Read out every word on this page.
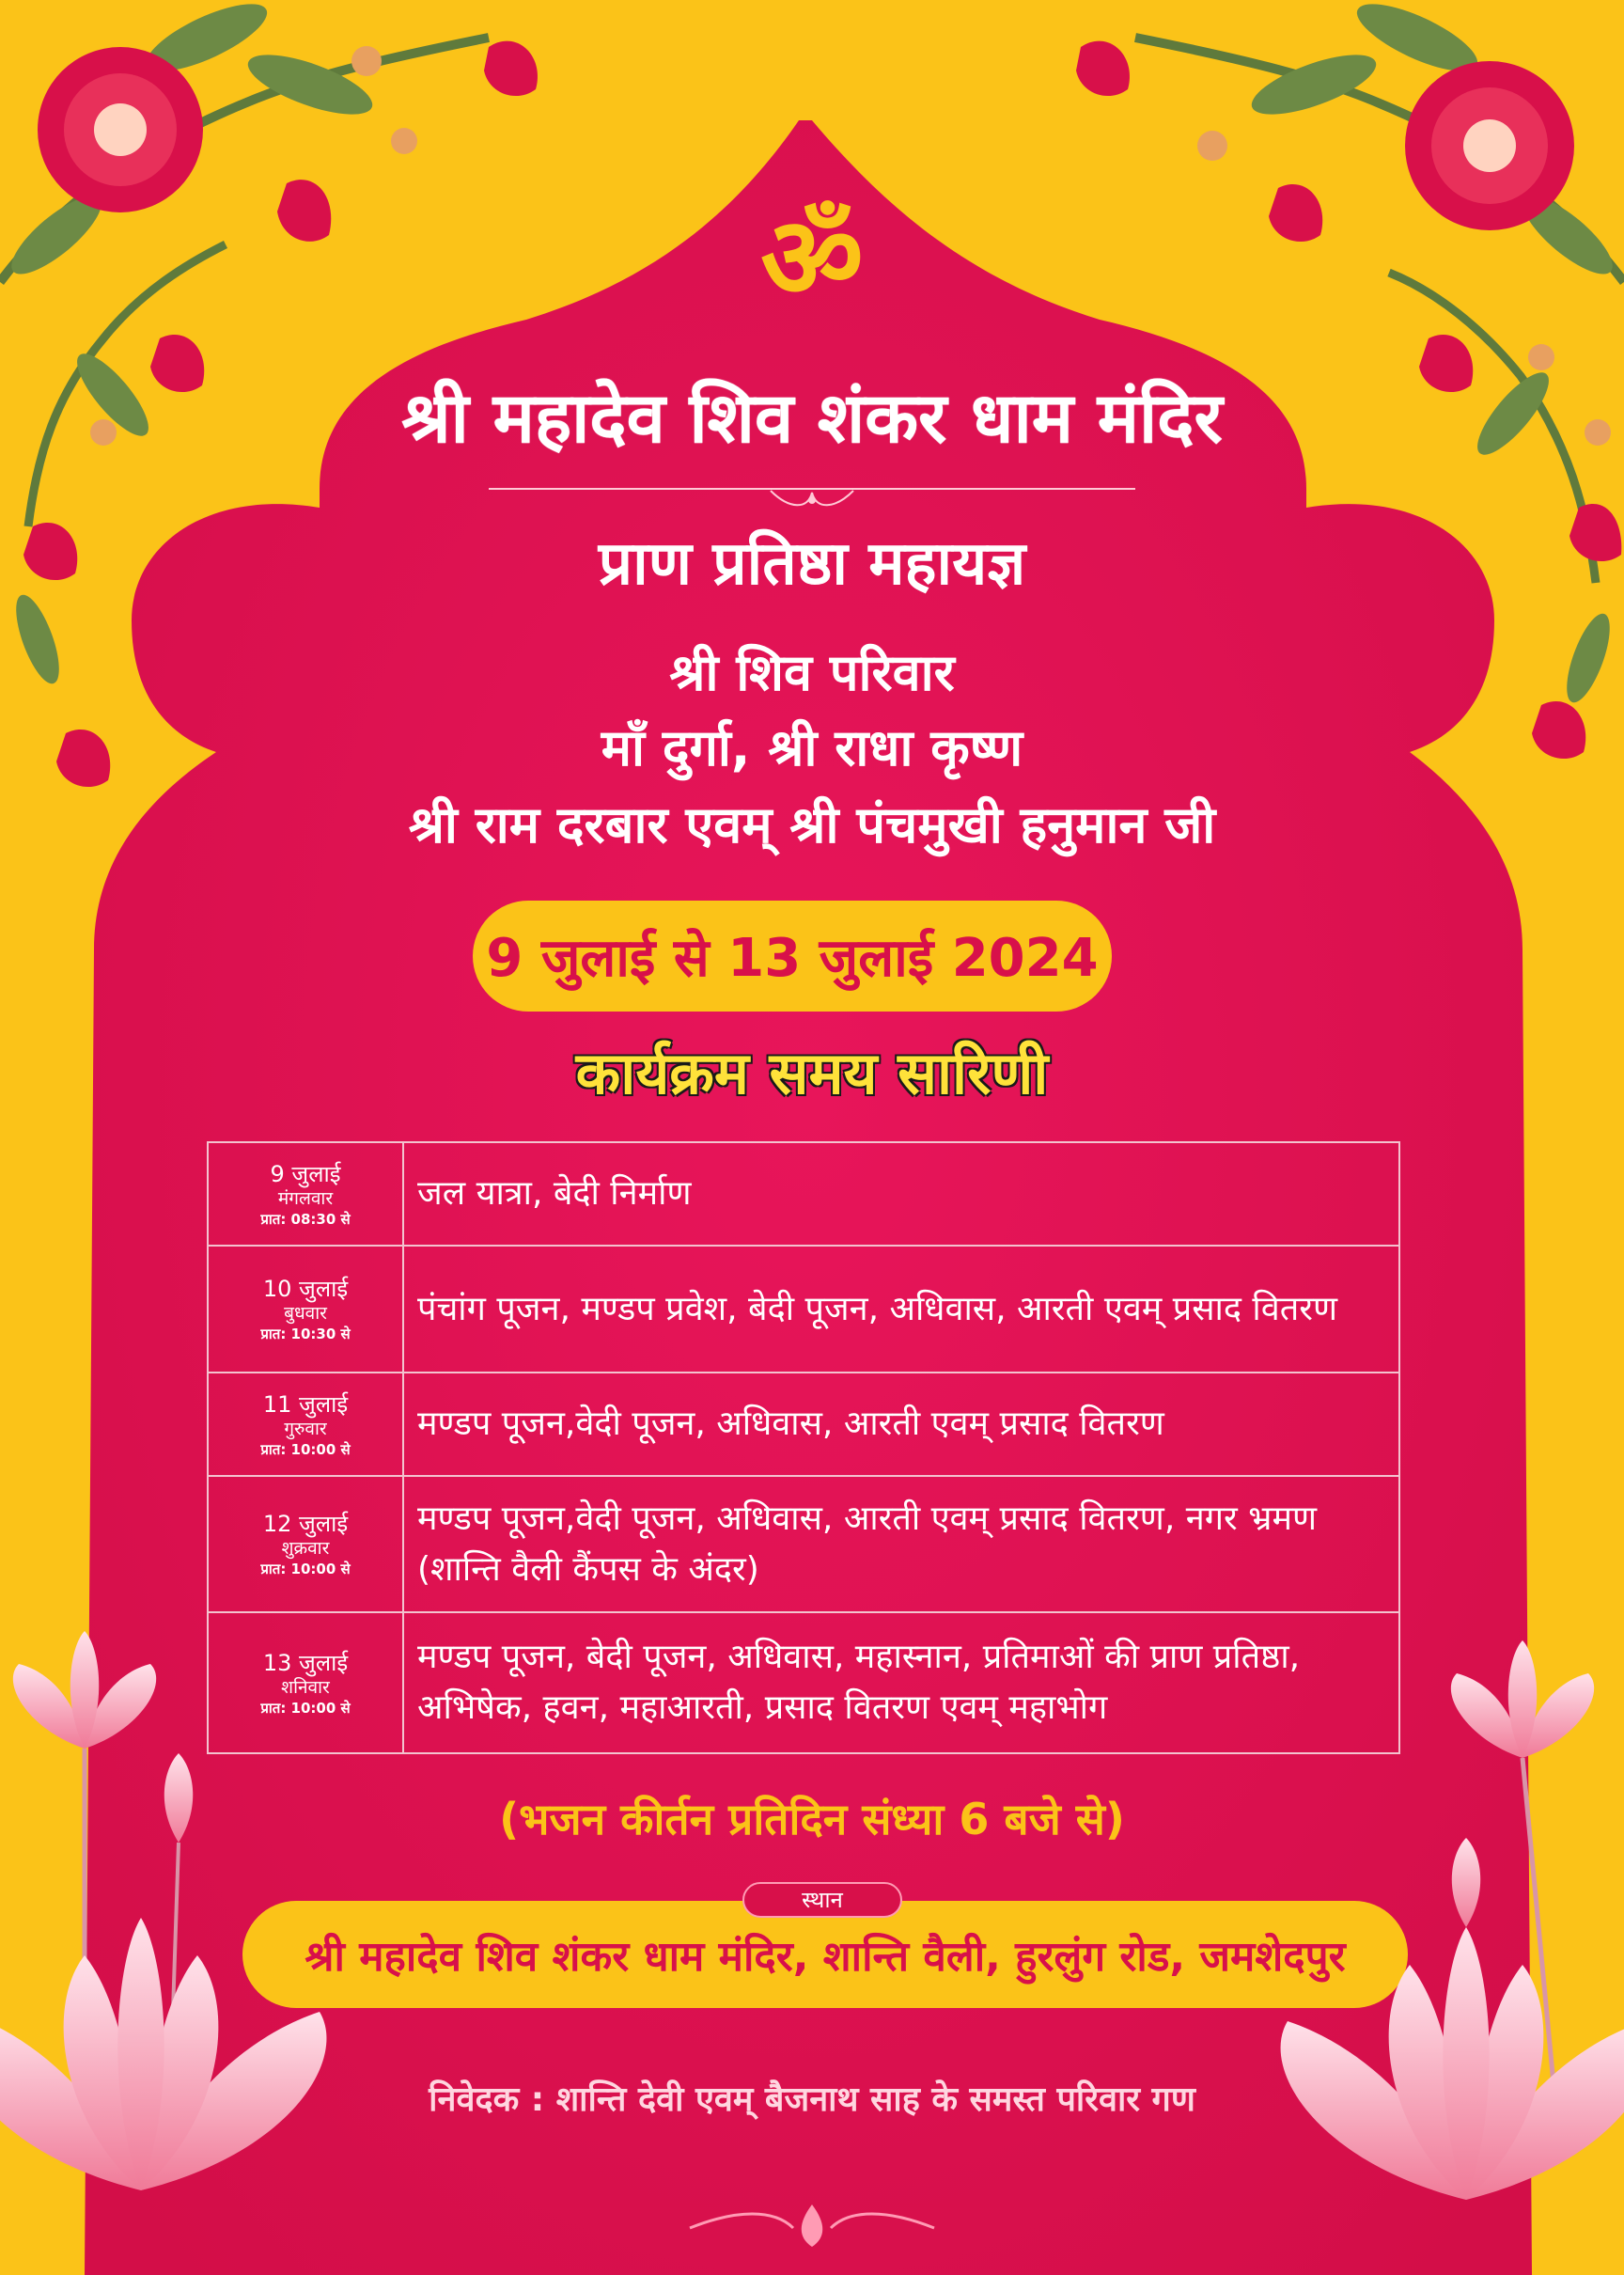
ॐ
श्री महादेव शिव शंकर धाम मंदिर
प्राण प्रतिष्ठा महायज्ञ
श्री शिव परिवार
माँ दुर्गा, श्री राधा कृष्ण
श्री राम दरबार एवम् श्री पंचमुखी हनुमान जी
9 जुलाई से 13 जुलाई 2024
कार्यक्रम समय सारिणी
9 जुलाई
मंगलवार
प्रात: 08:30 से	जल यात्रा, बेदी निर्माण

10 जुलाई
बुधवार
प्रात: 10:30 से	पंचांग पूजन, मण्डप प्रवेश, बेदी पूजन, अधिवास, आरती एवम् प्रसाद वितरण

11 जुलाई
गुरुवार
प्रात: 10:00 से	मण्डप पूजन,वेदी पूजन, अधिवास, आरती एवम् प्रसाद वितरण

12 जुलाई
शुक्रवार
प्रात: 10:00 से	मण्डप पूजन,वेदी पूजन, अधिवास, आरती एवम् प्रसाद वितरण, नगर भ्रमण (शान्ति वैली कैंपस के अंदर)

13 जुलाई
शनिवार
प्रात: 10:00 से	मण्डप पूजन, बेदी पूजन, अधिवास, महास्नान, प्रतिमाओं की प्राण प्रतिष्ठा, अभिषेक, हवन, महाआरती, प्रसाद वितरण एवम् महाभोग
(भजन कीर्तन प्रतिदिन संध्या 6 बजे से)
स्थान
श्री महादेव शिव शंकर धाम मंदिर, शान्ति वैली, हुरलुंग रोड, जमशेदपुर
निवेदक : शान्ति देवी एवम् बैजनाथ साह के समस्त परिवार गण
